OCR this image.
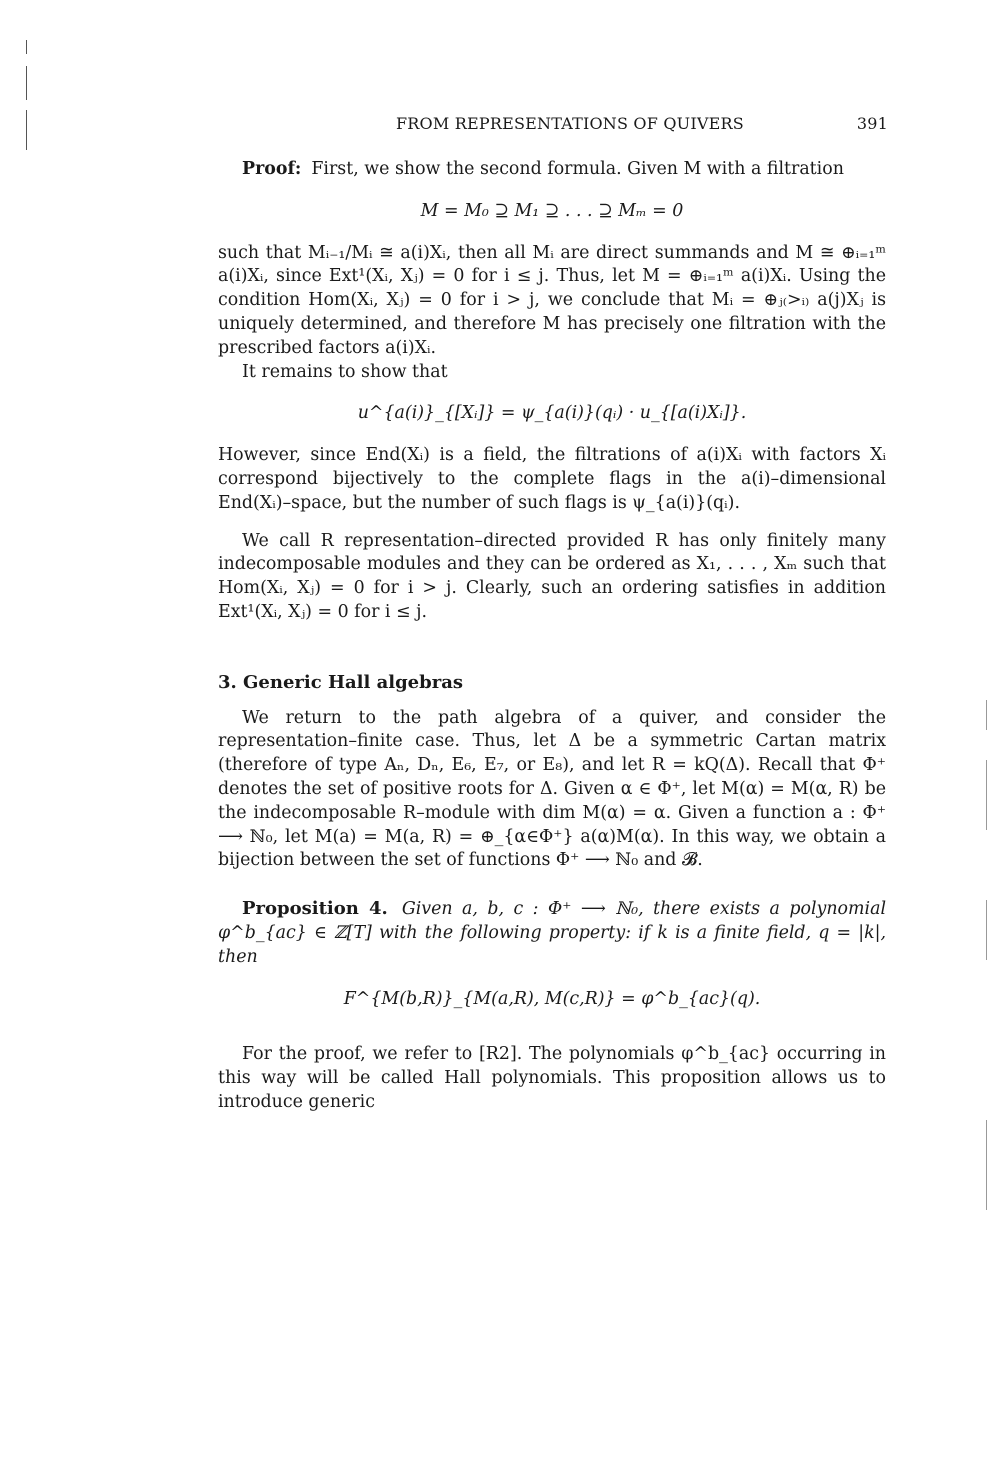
FROM REPRESENTATIONS OF QUIVERS	391

Proof: First, we show the second formula. Given M with a filtration

M = M₀ ⊇ M₁ ⊇ . . . ⊇ Mₘ = 0

such that Mᵢ₋₁/Mᵢ ≅ a(i)Xᵢ, then all Mᵢ are direct summands and M ≅ ⊕ᵢ₌₁ᵐ a(i)Xᵢ, since Ext¹(Xᵢ, Xⱼ) = 0 for i ≤ j. Thus, let M = ⊕ᵢ₌₁ᵐ a(i)Xᵢ. Using the condition Hom(Xᵢ, Xⱼ) = 0 for i > j, we conclude that Mᵢ = ⊕ⱼ₍>ᵢ₎ a(j)Xⱼ is uniquely determined, and therefore M has precisely one filtration with the prescribed factors a(i)Xᵢ.

It remains to show that

u^{a(i)}_{[Xᵢ]} = ψ_{a(i)}(qᵢ) · u_{[a(i)Xᵢ]}.

However, since End(Xᵢ) is a field, the filtrations of a(i)Xᵢ with factors Xᵢ correspond bijectively to the complete flags in the a(i)–dimensional End(Xᵢ)–space, but the number of such flags is ψ_{a(i)}(qᵢ).

We call R representation–directed provided R has only finitely many indecomposable modules and they can be ordered as X₁, . . . , Xₘ such that Hom(Xᵢ, Xⱼ) = 0 for i > j. Clearly, such an ordering satisfies in addition Ext¹(Xᵢ, Xⱼ) = 0 for i ≤ j.

3. Generic Hall algebras

We return to the path algebra of a quiver, and consider the representation–finite case. Thus, let Δ be a symmetric Cartan matrix (therefore of type Aₙ, Dₙ, E₆, E₇, or E₈), and let R = kQ(Δ). Recall that Φ⁺ denotes the set of positive roots for Δ. Given α ∈ Φ⁺, let M(α) = M(α, R) be the indecomposable R–module with dim M(α) = α. Given a function a : Φ⁺ ⟶ ℕ₀, let M(a) = M(a, R) = ⊕_{α∈Φ⁺} a(α)M(α). In this way, we obtain a bijection between the set of functions Φ⁺ ⟶ ℕ₀ and 𝓑.

Proposition 4. Given a, b, c : Φ⁺ ⟶ ℕ₀, there exists a polynomial φ^b_{ac} ∈ ℤ[T] with the following property: if k is a finite field, q = |k|, then

F^{M(b,R)}_{M(a,R), M(c,R)} = φ^b_{ac}(q).

For the proof, we refer to [R2]. The polynomials φ^b_{ac} occurring in this way will be called Hall polynomials. This proposition allows us to introduce generic
